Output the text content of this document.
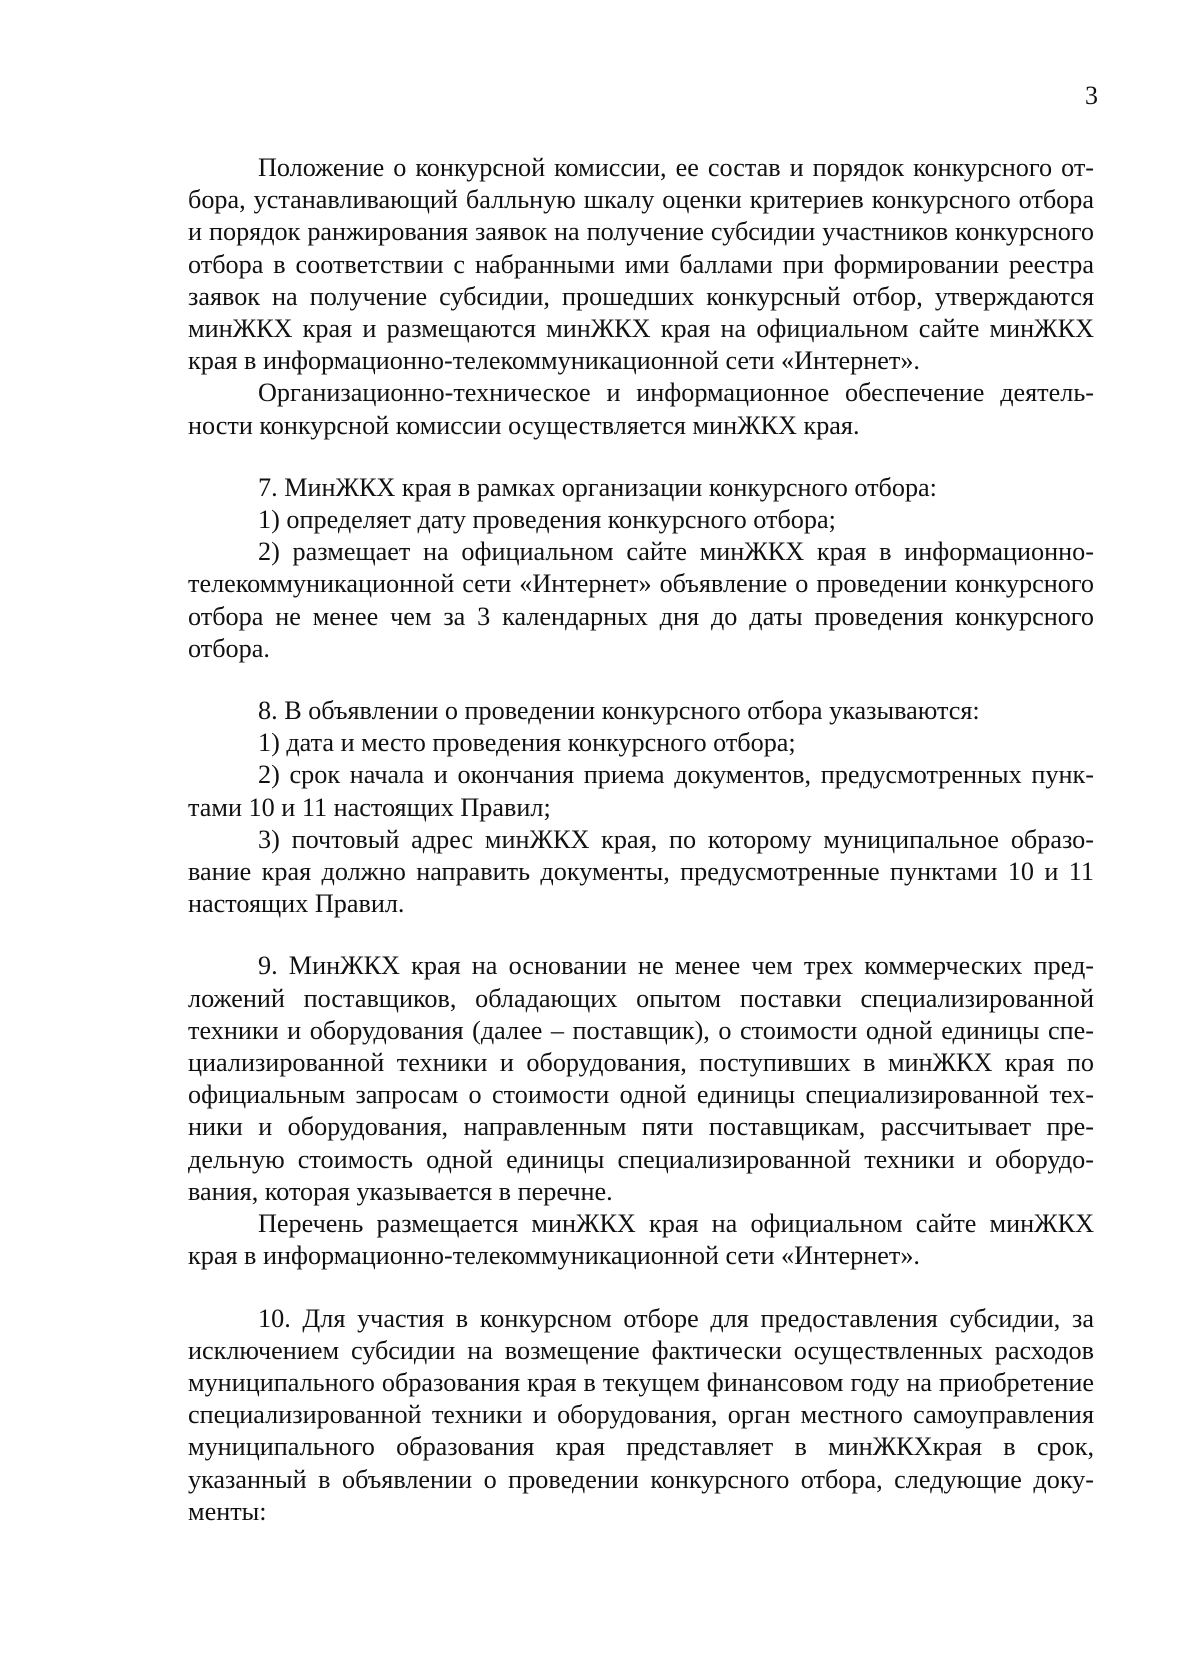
3

Положение о конкурсной комиссии, ее состав и порядок конкурсного отбора, устанавливающий балльную шкалу оценки критериев конкурсного отбора и порядок ранжирования заявок на получение субсидии участников конкурсного отбора в соответствии с набранными ими баллами при формировании реестра заявок на получение субсидии, прошедших конкурсный отбор, утверждаются минЖКХ края и размещаются минЖКХ края на официальном сайте минЖКХ края в информационно-телекоммуникационной сети «Интернет».

Организационно-техническое и информационное обеспечение деятельности конкурсной комиссии осуществляется минЖКХ края.

7. МинЖКХ края в рамках организации конкурсного отбора:

1) определяет дату проведения конкурсного отбора;

2) размещает на официальном сайте минЖКХ края в информационно-телекоммуникационной сети «Интернет» объявление о проведении конкурсного отбора не менее чем за 3 календарных дня до даты проведения конкурсного отбора.

8. В объявлении о проведении конкурсного отбора указываются:

1) дата и место проведения конкурсного отбора;

2) срок начала и окончания приема документов, предусмотренных пунктами 10 и 11 настоящих Правил;

3) почтовый адрес минЖКХ края, по которому муниципальное образование края должно направить документы, предусмотренные пунктами 10 и 11 настоящих Правил.

9. МинЖКХ края на основании не менее чем трех коммерческих предложений поставщиков, обладающих опытом поставки специализированной техники и оборудования (далее – поставщик), о стоимости одной единицы специализированной техники и оборудования, поступивших в минЖКХ края по официальным запросам о стоимости одной единицы специализированной техники и оборудования, направленным пяти поставщикам, рассчитывает предельную стоимость одной единицы специализированной техники и оборудования, которая указывается в перечне.

Перечень размещается минЖКХ края на официальном сайте минЖКХ края в информационно-телекоммуникационной сети «Интернет».

10. Для участия в конкурсном отборе для предоставления субсидии, за исключением субсидии на возмещение фактически осуществленных расходов муниципального образования края в текущем финансовом году на приобретение специализированной техники и оборудования, орган местного самоуправления муниципального образования края представляет в минЖКХкрая в срок, указанный в объявлении о проведении конкурсного отбора, следующие документы:
